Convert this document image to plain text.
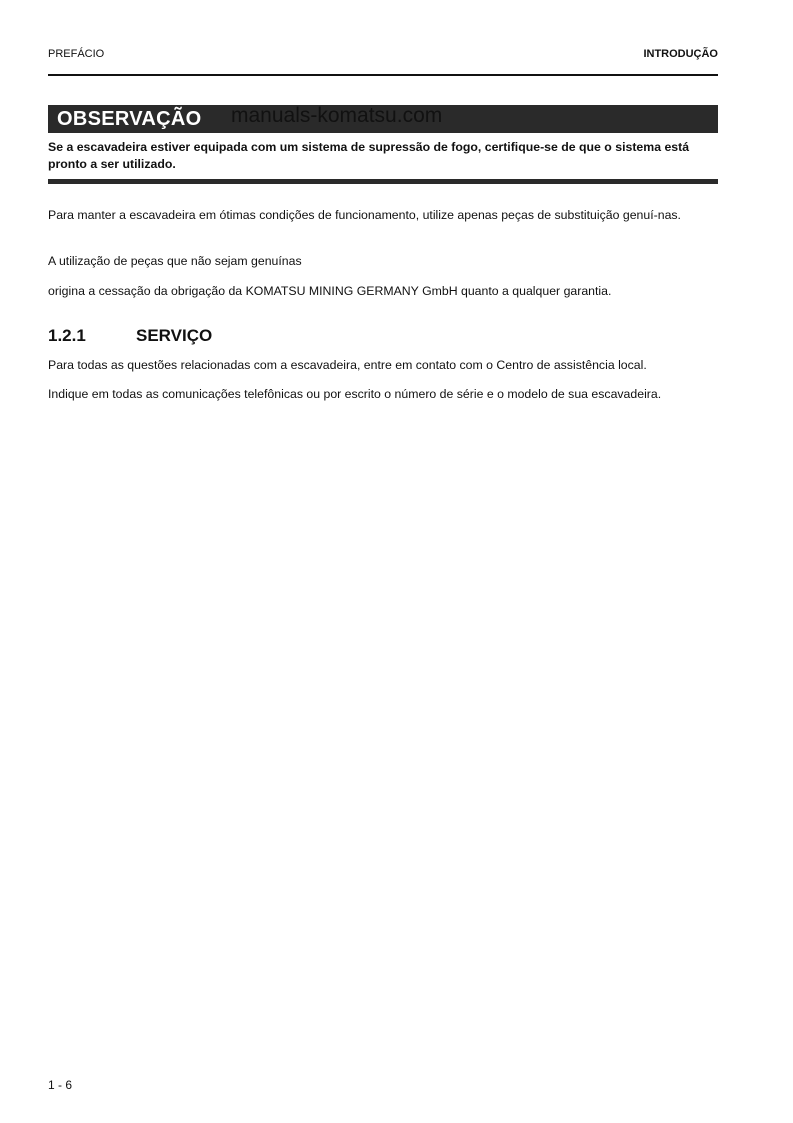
PREFÁCIO	INTRODUÇÃO
OBSERVAÇÃO manuals-komatsu.com
Se a escavadeira estiver equipada com um sistema de supressão de fogo, certifique-se de que o sistema está pronto a ser utilizado.
Para manter a escavadeira em ótimas condições de funcionamento, utilize apenas peças de substituição genuí-nas.
A utilização de peças que não sejam genuínas
origina a cessação da obrigação da KOMATSU MINING GERMANY GmbH quanto a qualquer garantia.
1.2.1	SERVIÇO
Para todas as questões relacionadas com a escavadeira, entre em contato com o Centro de assistência local.
Indique em todas as comunicações telefônicas ou por escrito o número de série e o modelo de sua escavadeira.
1 - 6
